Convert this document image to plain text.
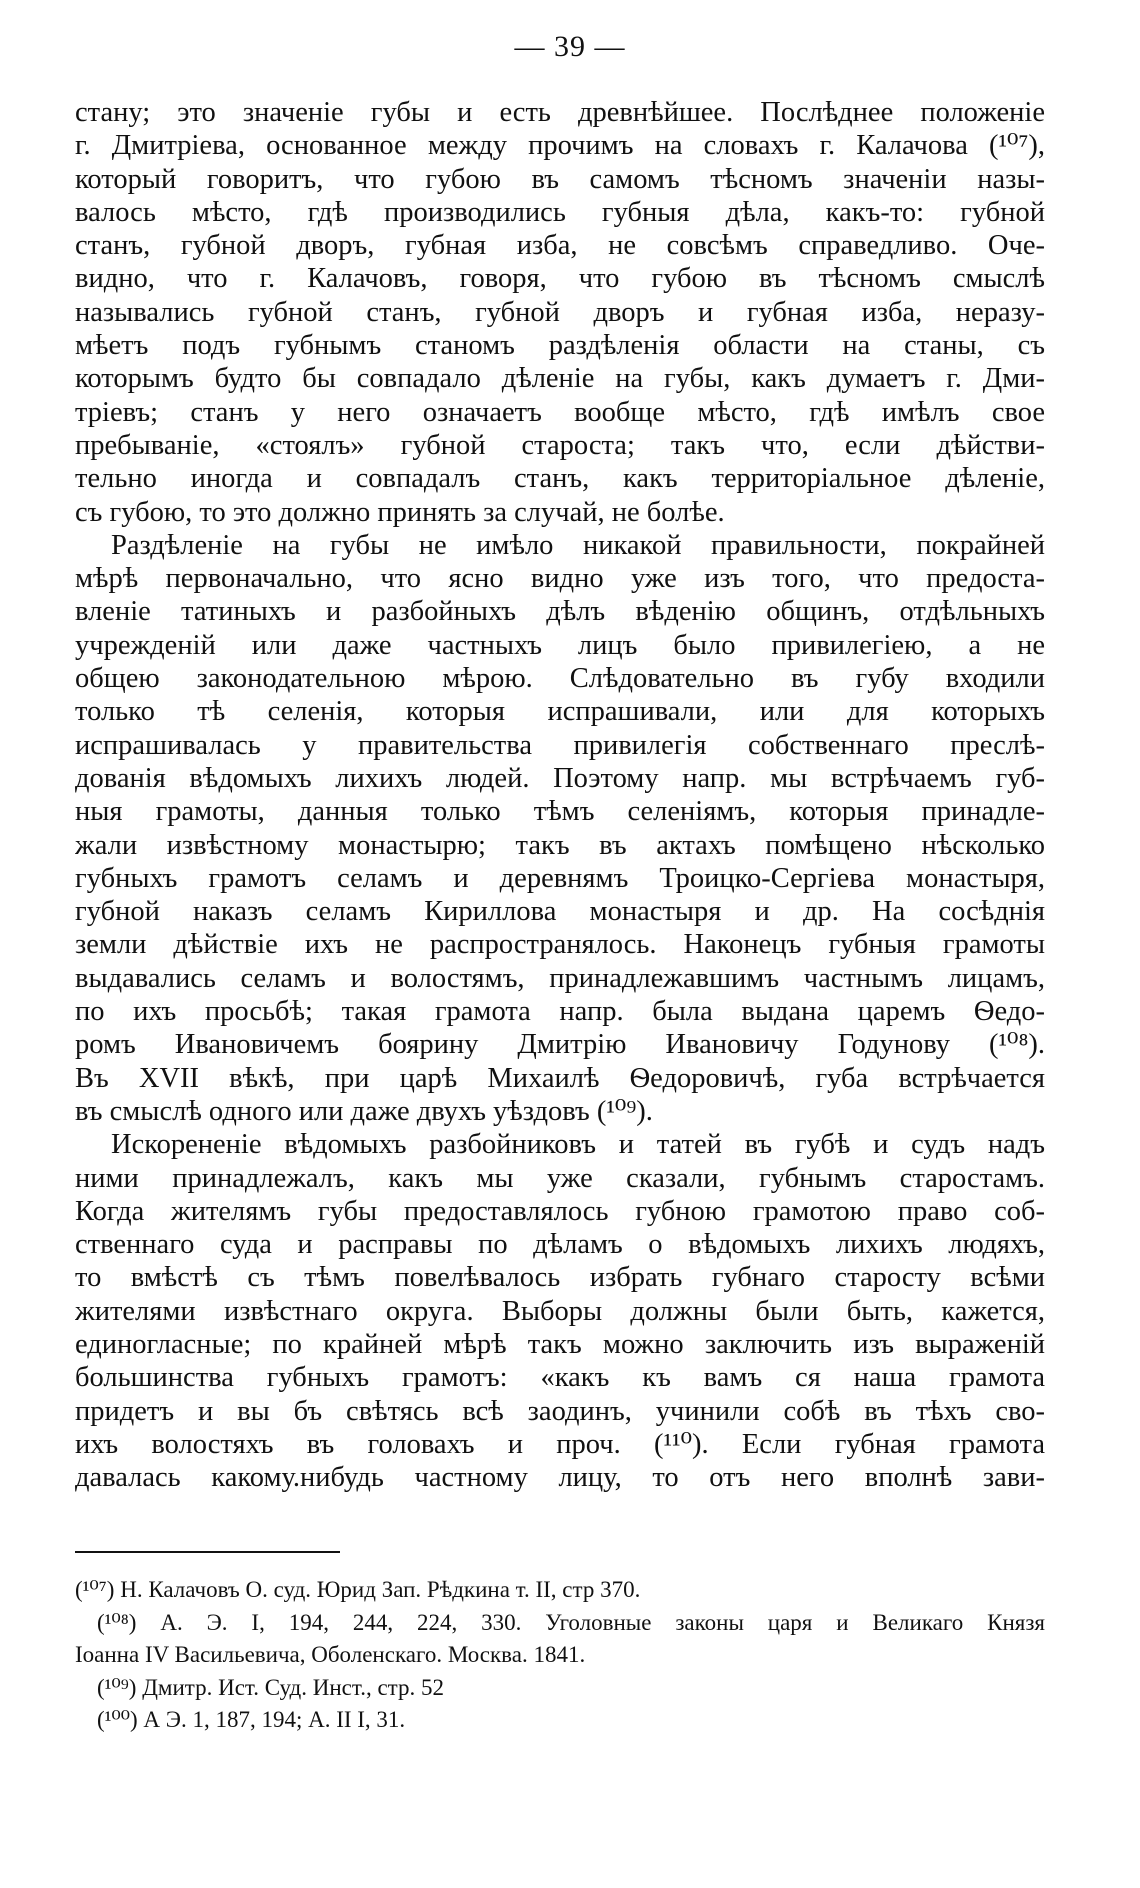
— 39 —
стану; это значеніе губы и есть древнѣйшее. Послѣднее положеніе
г. Дмитріева, основанное между прочимъ на словахъ г. Калачова (¹⁰⁷),
который говоритъ, что губою въ самомъ тѣсномъ значеніи назы-
валось мѣсто, гдѣ производились губныя дѣла, какъ-то: губной
станъ, губной дворъ, губная изба, не совсѣмъ справедливо. Оче-
видно, что г. Калачовъ, говоря, что губою въ тѣсномъ смыслѣ
назывались губной станъ, губной дворъ и губная изба, неразу-
мѣетъ подъ губнымъ станомъ раздѣленія области на станы, съ
которымъ будто бы совпадало дѣленіе на губы, какъ думаетъ г. Дми-
тріевъ; станъ у него означаетъ вообще мѣсто, гдѣ имѣлъ свое
пребываніе, «стоялъ» губной староста; такъ что, если дѣйстви-
тельно иногда и совпадалъ станъ, какъ территоріальное дѣленіе,
съ губою, то это должно принять за случай, не болѣе.
Раздѣленіе на губы не имѣло никакой правильности, покрайней
мѣрѣ первоначально, что ясно видно уже изъ того, что предоста-
вленіе татиныхъ и разбойныхъ дѣлъ вѣденію общинъ, отдѣльныхъ
учрежденій или даже частныхъ лицъ было привилегіею, а не
общею законодательною мѣрою. Слѣдовательно въ губу входили
только тѣ селенія, которыя испрашивали, или для которыхъ
испрашивалась у правительства привилегія собственнаго преслѣ-
дованія вѣдомыхъ лихихъ людей. Поэтому напр. мы встрѣчаемъ губ-
ныя грамоты, данныя только тѣмъ селеніямъ, которыя принадле-
жали извѣстному монастырю; такъ въ актахъ помѣщено нѣсколько
губныхъ грамотъ селамъ и деревнямъ Троицко-Сергіева монастыря,
губной наказъ селамъ Кириллова монастыря и др. На сосѣднія
земли дѣйствіе ихъ не распространялось. Наконецъ губныя грамоты
выдавались селамъ и волостямъ, принадлежавшимъ частнымъ лицамъ,
по ихъ просьбѣ; такая грамота напр. была выдана царемъ Ѳедо-
ромъ Ивановичемъ боярину Дмитрію Ивановичу Годунову (¹⁰⁸).
Въ XVII вѣкѣ, при царѣ Михаилѣ Ѳедоровичѣ, губа встрѣчается
въ смыслѣ одного или даже двухъ уѣздовъ (¹⁰⁹).
Искорененіе вѣдомыхъ разбойниковъ и татей въ губѣ и судъ надъ
ними принадлежалъ, какъ мы уже сказали, губнымъ старостамъ.
Когда жителямъ губы предоставлялось губною грамотою право соб-
ственнаго суда и расправы по дѣламъ о вѣдомыхъ лихихъ людяхъ,
то вмѣстѣ съ тѣмъ повелѣвалось избрать губнаго старосту всѣми
жителями извѣстнаго округа. Выборы должны были быть, кажется,
единогласные; по крайней мѣрѣ такъ можно заключить изъ выраженій
большинства губныхъ грамотъ: «какъ къ вамъ ся наша грамота
придетъ и вы бъ свѣтясь всѣ заодинъ, учинили собѣ въ тѣхъ сво-
ихъ волостяхъ въ головахъ и проч. (¹¹⁰). Если губная грамота
давалась какому.нибудь частному лицу, то отъ него вполнѣ зави-
(¹⁰⁷) Н. Калачовъ О. суд. Юрид Зап. Рѣдкина т. II, стр 370.
(¹⁰⁸) А. Э. I, 194, 244, 224, 330. Уголовные законы царя и Великаго Князя
Іоанна IV Васильевича, Оболенскаго. Москва. 1841.
(¹⁰⁹) Дмитр. Ист. Суд. Инст., стр. 52
(¹⁰⁰) А Э. 1, 187, 194; А. II I, 31.
